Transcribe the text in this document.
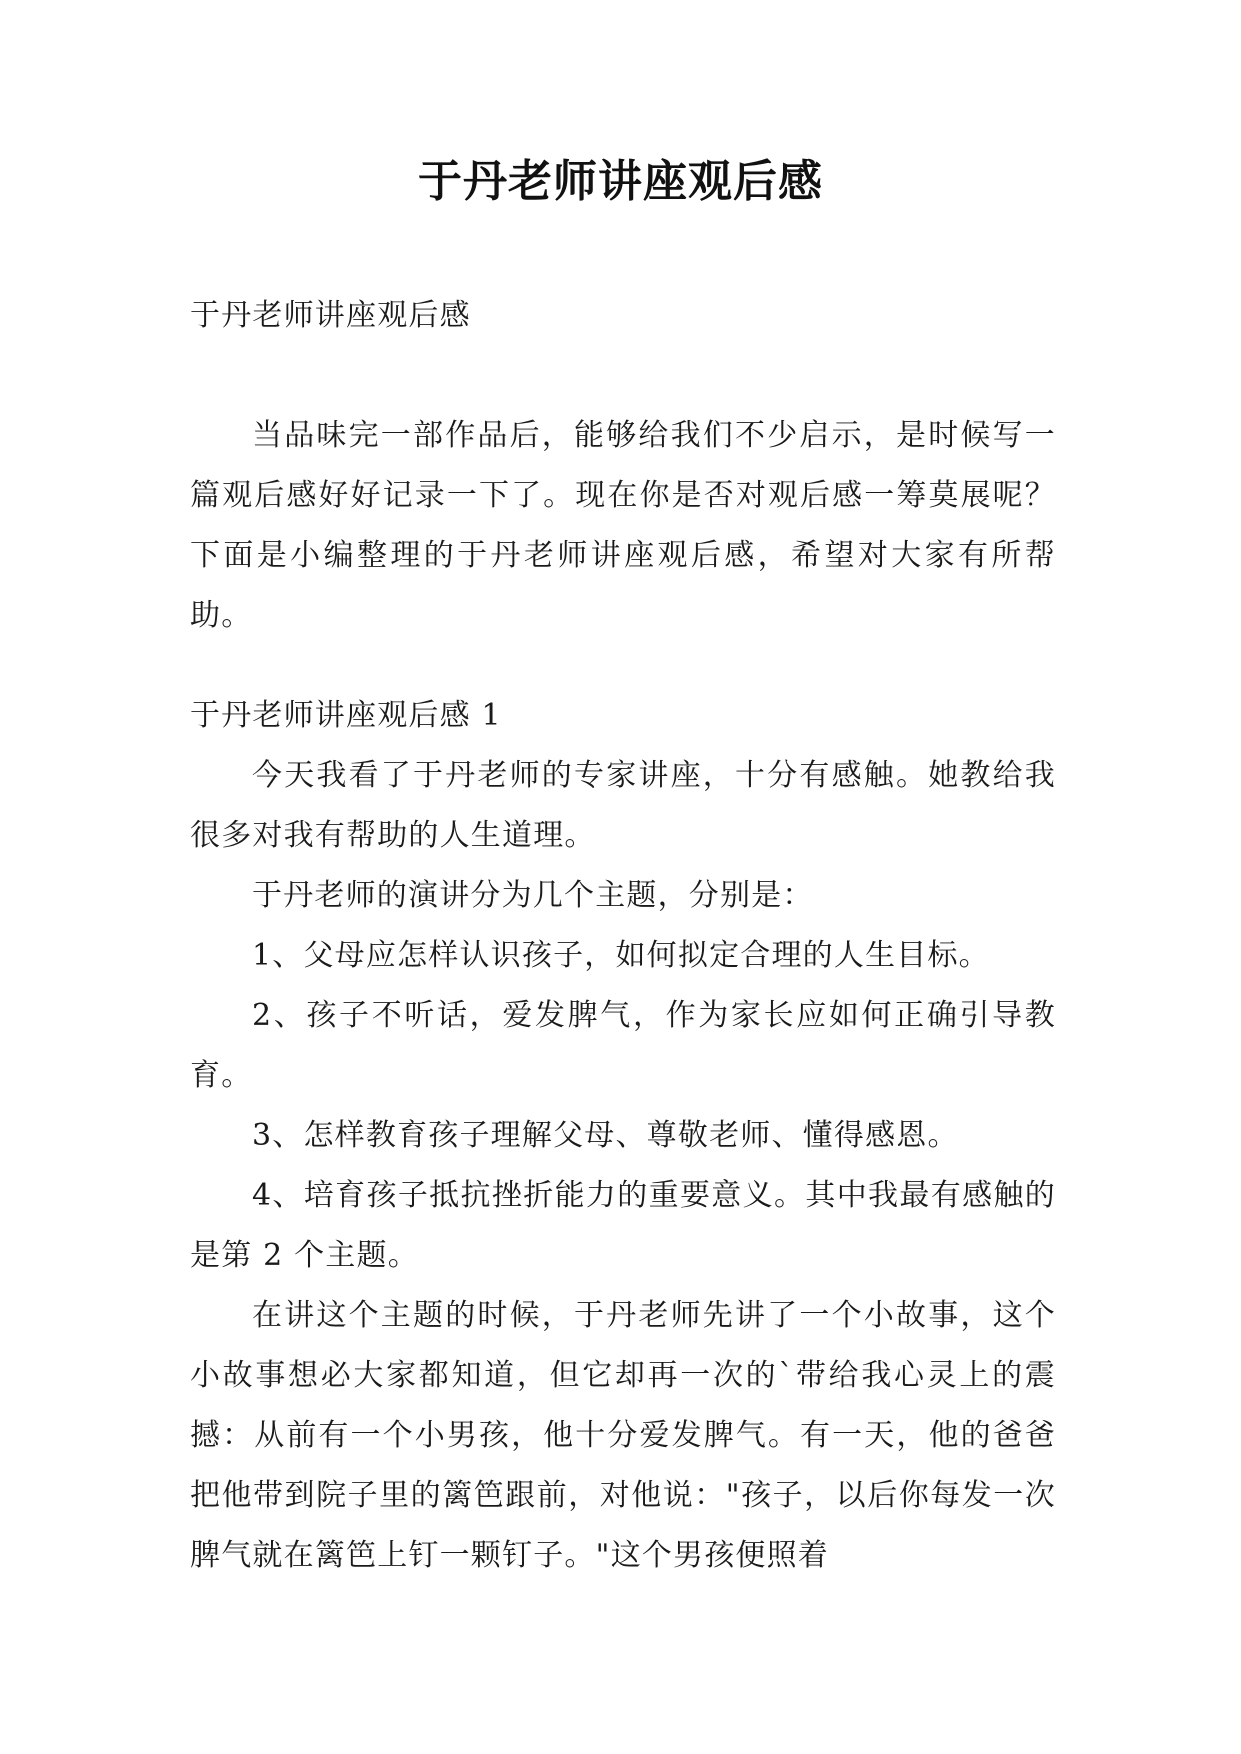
于丹老师讲座观后感

于丹老师讲座观后感

当品味完一部作品后，能够给我们不少启示，是时候写一篇观后感好好记录一下了。现在你是否对观后感一筹莫展呢？下面是小编整理的于丹老师讲座观后感，希望对大家有所帮助。

于丹老师讲座观后感 1

今天我看了于丹老师的专家讲座，十分有感触。她教给我很多对我有帮助的人生道理。

于丹老师的演讲分为几个主题，分别是：

1、父母应怎样认识孩子，如何拟定合理的人生目标。

2、孩子不听话，爱发脾气，作为家长应如何正确引导教育。

3、怎样教育孩子理解父母、尊敬老师、懂得感恩。

4、培育孩子抵抗挫折能力的重要意义。其中我最有感触的是第 2 个主题。

在讲这个主题的时候，于丹老师先讲了一个小故事，这个小故事想必大家都知道，但它却再一次的`带给我心灵上的震撼：从前有一个小男孩，他十分爱发脾气。有一天，他的爸爸把他带到院子里的篱笆跟前，对他说："孩子，以后你每发一次脾气就在篱笆上钉一颗钉子。"这个男孩便照着
